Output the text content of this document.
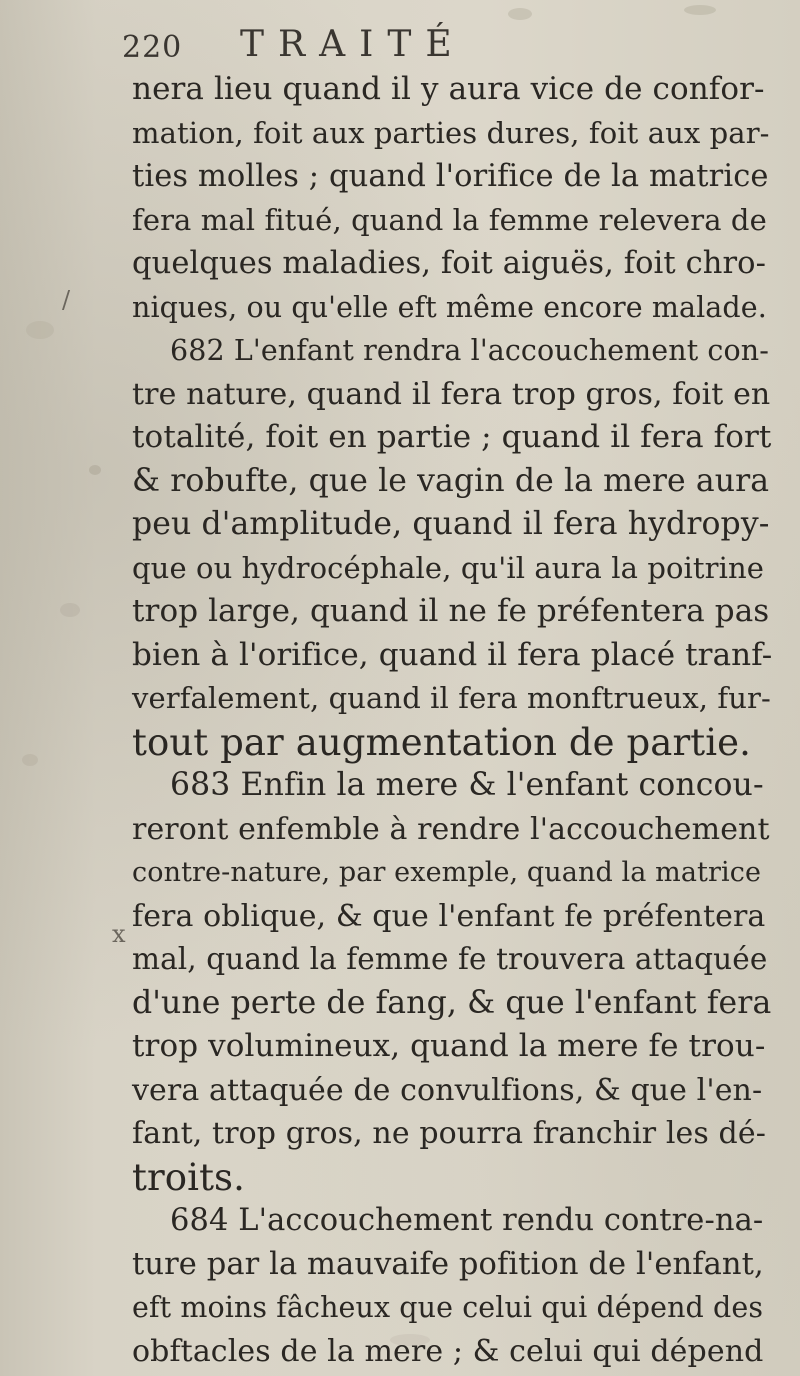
220 TRAITÉ
/
x
nera lieu quand il y aura vice de confor-
mation, foit aux parties dures, foit aux par-
ties molles ; quand l'orifice de la matrice
fera mal fitué, quand la femme relevera de
quelques maladies, foit aiguës, foit chro-
niques, ou qu'elle eft même encore malade.
682 L'enfant rendra l'accouchement con-
tre nature, quand il fera trop gros, foit en
totalité, foit en partie ; quand il fera fort
& robufte, que le vagin de la mere aura
peu d'amplitude, quand il fera hydropy-
que ou hydrocéphale, qu'il aura la poitrine
trop large, quand il ne fe préfentera pas
bien à l'orifice, quand il fera placé tranf-
verfalement, quand il fera monftrueux, fur-
tout par augmentation de partie.
683 Enfin la mere & l'enfant concou-
reront enfemble à rendre l'accouchement
contre-nature, par exemple, quand la matrice
fera oblique, & que l'enfant fe préfentera
mal, quand la femme fe trouvera attaquée
d'une perte de fang, & que l'enfant fera
trop volumineux, quand la mere fe trou-
vera attaquée de convulfions, & que l'en-
fant, trop gros, ne pourra franchir les dé-
troits.
684 L'accouchement rendu contre-na-
ture par la mauvaife pofition de l'enfant,
eft moins fâcheux que celui qui dépend des
obftacles de la mere ; & celui qui dépend
